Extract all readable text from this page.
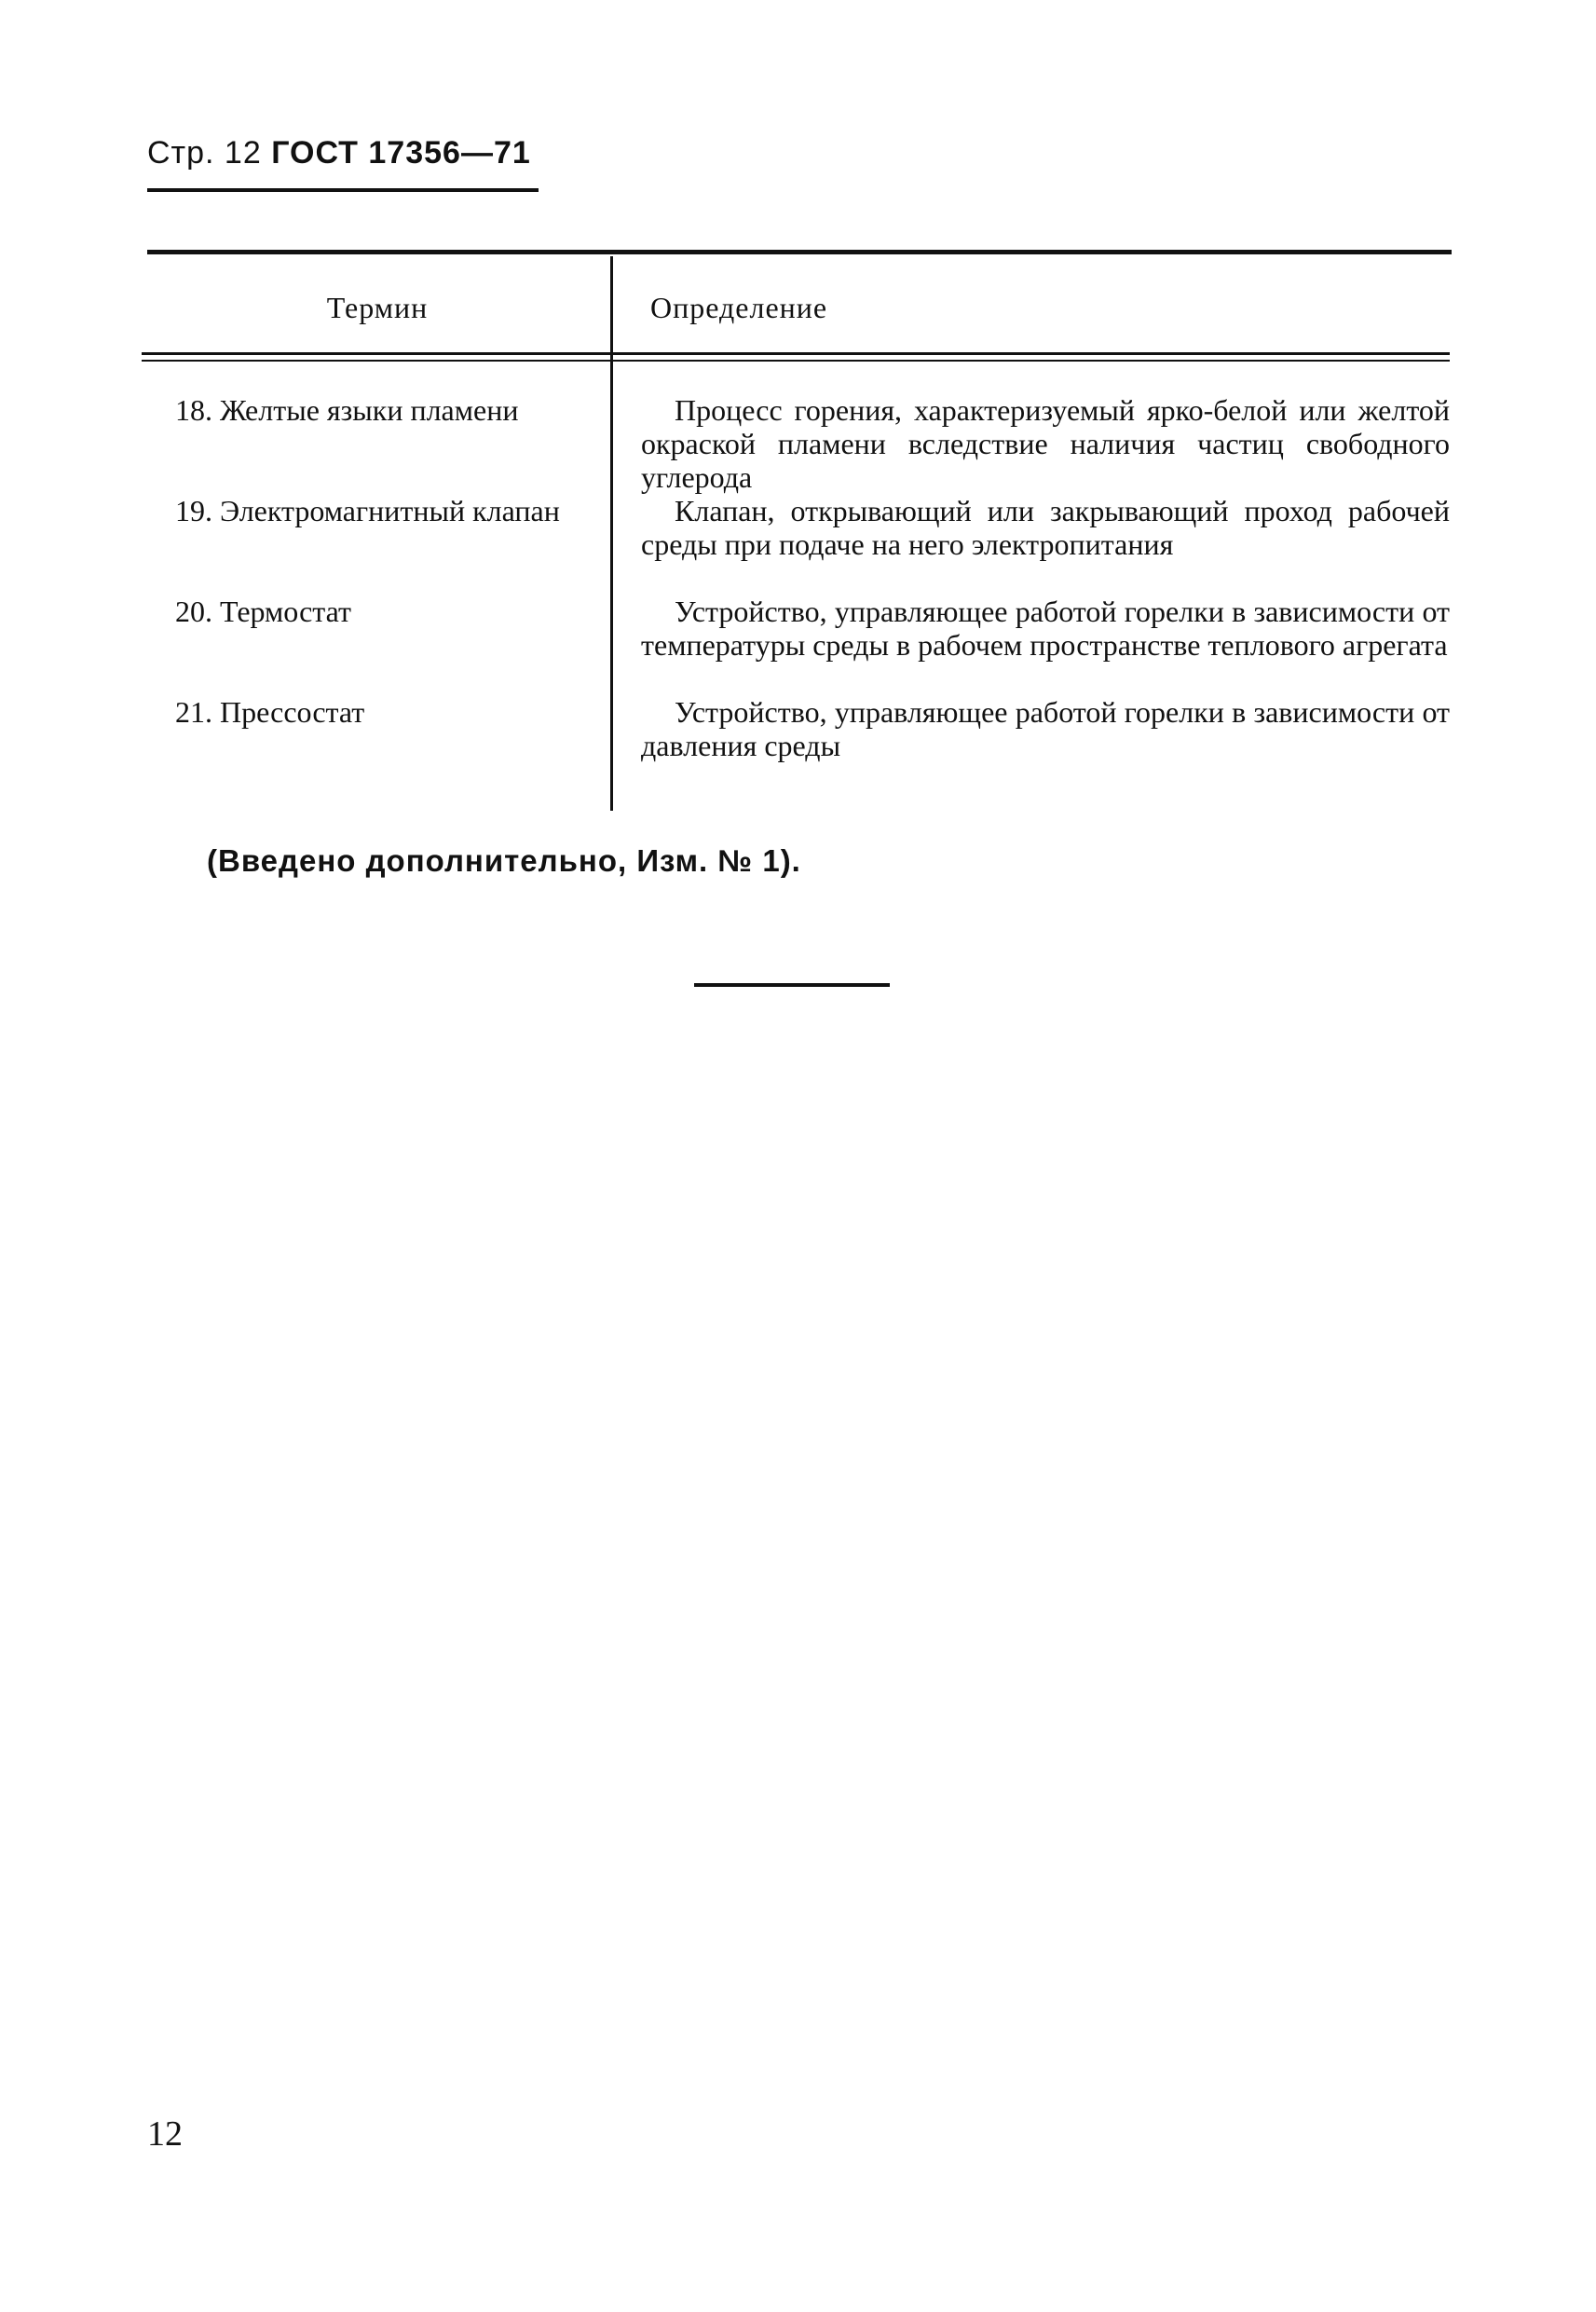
Стр. 12 ГОСТ 17356—71
Термин	Определение
18. Желтые языки пламени	Процесс горения, характеризуемый ярко-белой или желтой окраской пламени вследствие наличия частиц свободного углерода
19. Электромагнитный клапан	Клапан, открывающий или закрывающий проход рабочей среды при подаче на него электропитания
20. Термостат	Устройство, управляющее работой горелки в зависимости от температуры среды в рабочем пространстве теплового агрегата
21. Прессостат	Устройство, управляющее работой горелки в зависимости от давления среды
(Введено дополнительно, Изм. № 1).
12
